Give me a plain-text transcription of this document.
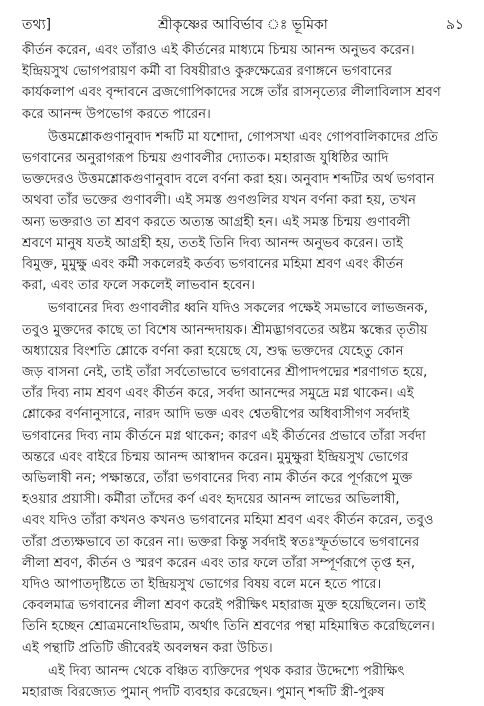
তথ্য]	শ্রীকৃষ্ণের আবির্ভাব ঃ ভূমিকা	৯১

কীর্তন করেন, এবং তাঁরাও এই কীর্তনের মাধ্যমে চিন্ময় আনন্দ অনুভব করেন।
ইন্দ্রিয়সুখ ভোগপরায়ণ কর্মী বা বিষয়ীরাও কুরুক্ষেত্রের রণাঙ্গনে ভগবানের
কার্যকলাপ এবং বৃন্দাবনে ব্রজগোপিকাদের সঙ্গে তাঁর রাসনৃত্যের লীলাবিলাস শ্রবণ
করে আনন্দ উপভোগ করতে পারেন।

উত্তমশ্লোকগুণানুবাদ শব্দটি মা যশোদা, গোপসখা এবং গোপবালিকাদের প্রতি
ভগবানের অনুরাগরূপ চিন্ময় গুণাবলীর দ্যোতক। মহারাজ যুধিষ্ঠির আদি
ভক্তদেরও উত্তমশ্লোকগুণানুবাদ বলে বর্ণনা করা হয়। অনুবাদ শব্দটির অর্থ ভগবান
অথবা তাঁর ভক্তের গুণাবলী। এই সমস্ত গুণগুলির যখন বর্ণনা করা হয়, তখন
অন্য ভক্তরাও তা শ্রবণ করতে অত্যন্ত আগ্রহী হন। এই সমস্ত চিন্ময় গুণাবলী
শ্রবণে মানুষ যতই আগ্রহী হয়, ততই তিনি দিব্য আনন্দ অনুভব করেন। তাই
বিমুক্ত, মুমুক্ষু এবং কর্মী সকলেরই কর্তব্য ভগবানের মহিমা শ্রবণ এবং কীর্তন
করা, এবং তার ফলে সকলেই লাভবান হবেন।

ভগবানের দিব্য গুণাবলীর ধ্বনি যদিও সকলের পক্ষেই সমভাবে লাভজনক,
তবুও মুক্তদের কাছে তা বিশেষ আনন্দদায়ক। শ্রীমদ্ভাগবতের অষ্টম স্কন্ধের তৃতীয়
অধ্যায়ের বিংশতি শ্লোকে বর্ণনা করা হয়েছে যে, শুদ্ধ ভক্তদের যেহেতু কোন
জড় বাসনা নেই, তাই তাঁরা সর্বতোভাবে ভগবানের শ্রীপাদপদ্মের শরণাগত হয়ে,
তাঁর দিব্য নাম শ্রবণ এবং কীর্তন করে, সর্বদা আনন্দের সমুদ্রে মগ্ন থাকেন। এই
শ্লোকের বর্ণনানুসারে, নারদ আদি ভক্ত এবং শ্বেতদ্বীপের অধিবাসীগণ সর্বদাই
ভগবানের দিব্য নাম কীর্তনে মগ্ন থাকেন; কারণ এই কীর্তনের প্রভাবে তাঁরা সর্বদা
অন্তরে এবং বাইরে চিন্ময় আনন্দ আস্বাদন করেন। মুমুক্ষুরা ইন্দ্রিয়সুখ ভোগের
অভিলাষী নন; পক্ষান্তরে, তাঁরা ভগবানের দিব্য নাম কীর্তন করে পূর্ণরূপে মুক্ত
হওয়ার প্রয়াসী। কর্মীরা তাঁদের কর্ণ এবং হৃদয়ের আনন্দ লাভের অভিলাষী,
এবং যদিও তাঁরা কখনও কখনও ভগবানের মহিমা শ্রবণ এবং কীর্তন করেন, তবুও
তাঁরা প্রত্যক্ষভাবে তা করেন না। ভক্তরা কিন্তু সর্বদাই স্বতঃস্ফূর্তভাবে ভগবানের
লীলা শ্রবণ, কীর্তন ও স্মরণ করেন এবং তার ফলে তাঁরা সম্পূর্ণরূপে তৃপ্ত হন,
যদিও আপাতদৃষ্টিতে তা ইন্দ্রিয়সুখ ভোগের বিষয় বলে মনে হতে পারে।
কেবলমাত্র ভগবানের লীলা শ্রবণ করেই পরীক্ষিৎ মহারাজ মুক্ত হয়েছিলেন। তাই
তিনি হচ্ছেন শ্রোত্রমনোঽভিরাম, অর্থাৎ তিনি শ্রবণের পন্থা মহিমান্বিত করেছিলেন।
এই পন্থাটি প্রতিটি জীবেরই অবলম্বন করা উচিত।

এই দিব্য আনন্দ থেকে বঞ্চিত ব্যক্তিদের পৃথক করার উদ্দেশ্যে পরীক্ষিৎ
মহারাজ বিরজ্যেত পুমান্ পদটি ব্যবহার করেছেন। পুমান্ শব্দটি স্ত্রী-পুরুষ
